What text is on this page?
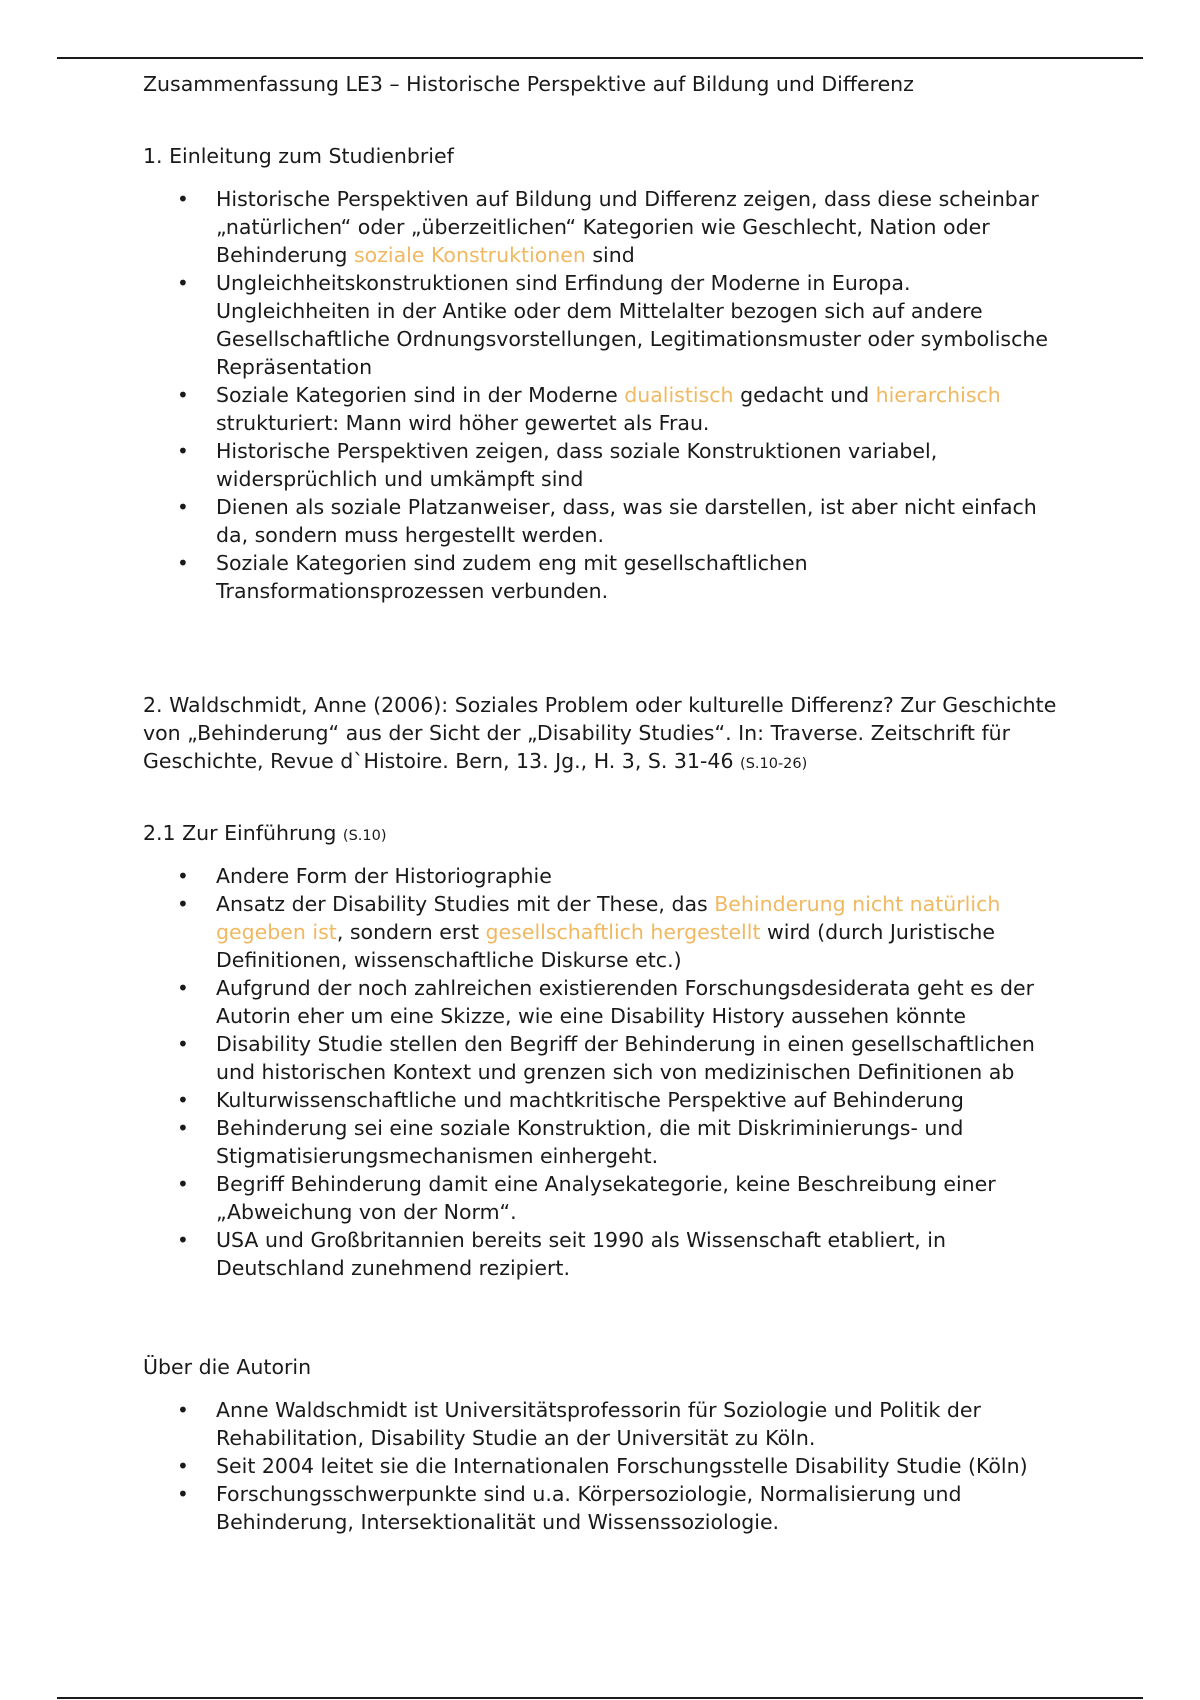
Zusammenfassung LE3 – Historische Perspektive auf Bildung und Differenz

1. Einleitung zum Studienbrief

• Historische Perspektiven auf Bildung und Differenz zeigen, dass diese scheinbar „natürlichen“ oder „überzeitlichen“ Kategorien wie Geschlecht, Nation oder Behinderung soziale Konstruktionen sind
• Ungleichheitskonstruktionen sind Erfindung der Moderne in Europa. Ungleichheiten in der Antike oder dem Mittelalter bezogen sich auf andere Gesellschaftliche Ordnungsvorstellungen, Legitimationsmuster oder symbolische Repräsentation
• Soziale Kategorien sind in der Moderne dualistisch gedacht und hierarchisch strukturiert: Mann wird höher gewertet als Frau.
• Historische Perspektiven zeigen, dass soziale Konstruktionen variabel, widersprüchlich und umkämpft sind
• Dienen als soziale Platzanweiser, dass, was sie darstellen, ist aber nicht einfach da, sondern muss hergestellt werden.
• Soziale Kategorien sind zudem eng mit gesellschaftlichen Transformationsprozessen verbunden.

2. Waldschmidt, Anne (2006): Soziales Problem oder kulturelle Differenz? Zur Geschichte von „Behinderung“ aus der Sicht der „Disability Studies“. In: Traverse. Zeitschrift für Geschichte, Revue d`Histoire. Bern, 13. Jg., H. 3, S. 31-46 (S.10-26)

2.1 Zur Einführung (S.10)

• Andere Form der Historiographie
• Ansatz der Disability Studies mit der These, das Behinderung nicht natürlich gegeben ist, sondern erst gesellschaftlich hergestellt wird (durch Juristische Definitionen, wissenschaftliche Diskurse etc.)
• Aufgrund der noch zahlreichen existierenden Forschungsdesiderata geht es der Autorin eher um eine Skizze, wie eine Disability History aussehen könnte
• Disability Studie stellen den Begriff der Behinderung in einen gesellschaftlichen und historischen Kontext und grenzen sich von medizinischen Definitionen ab
• Kulturwissenschaftliche und machtkritische Perspektive auf Behinderung
• Behinderung sei eine soziale Konstruktion, die mit Diskriminierungs- und Stigmatisierungsmechanismen einhergeht.
• Begriff Behinderung damit eine Analysekategorie, keine Beschreibung einer „Abweichung von der Norm“.
• USA und Großbritannien bereits seit 1990 als Wissenschaft etabliert, in Deutschland zunehmend rezipiert.

Über die Autorin

• Anne Waldschmidt ist Universitätsprofessorin für Soziologie und Politik der Rehabilitation, Disability Studie an der Universität zu Köln.
• Seit 2004 leitet sie die Internationalen Forschungsstelle Disability Studie (Köln)
• Forschungsschwerpunkte sind u.a. Körpersoziologie, Normalisierung und Behinderung, Intersektionalität und Wissenssoziologie.
